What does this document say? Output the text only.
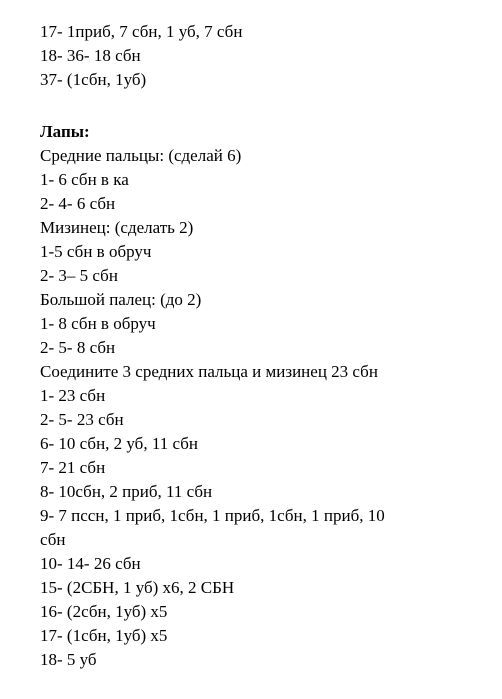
17- 1приб, 7 сбн, 1 уб, 7 сбн
18- 36- 18 сбн
37- (1сбн, 1уб)
Лапы:
Средние пальцы: (сделай 6)
1- 6 сбн в ка
2- 4- 6 сбн
Мизинец: (сделать 2)
1-5 сбн в обруч
2- 3– 5 сбн
Большой палец: (до 2)
1- 8 сбн в обруч
2- 5- 8 сбн
Соедините 3 средних пальца и мизинец 23 сбн
1- 23 сбн
2- 5- 23 сбн
6- 10 сбн, 2 уб, 11 сбн
7- 21 сбн
8- 10сбн, 2 приб, 11 сбн
9- 7 пссн, 1 приб, 1сбн, 1 приб, 1сбн, 1 приб, 10
сбн
10- 14- 26 сбн
15- (2СБН, 1 уб) х6, 2 СБН
16- (2сбн, 1уб) х5
17- (1сбн, 1уб) х5
18- 5 уб
